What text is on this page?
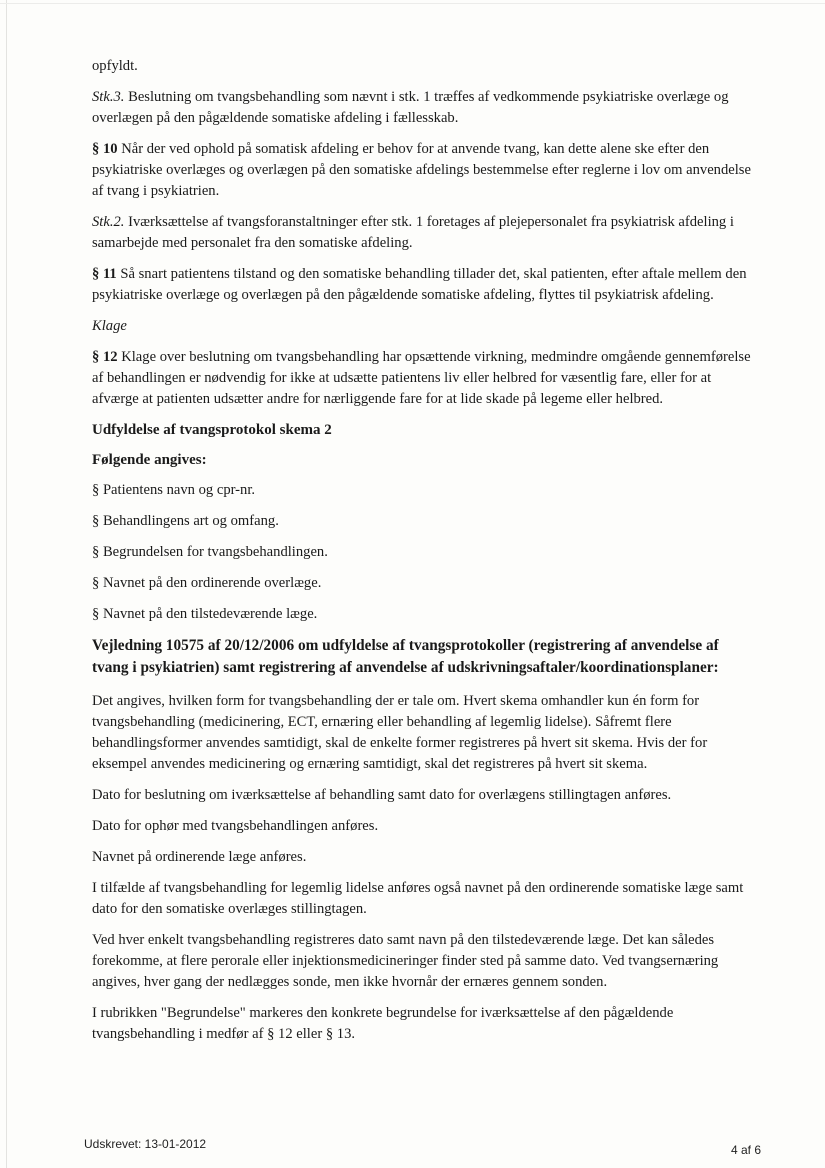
opfyldt.

Stk.3. Beslutning om tvangsbehandling som nævnt i stk. 1 træffes af vedkommende psykiatriske overlæge og overlægen på den pågældende somatiske afdeling i fællesskab.

§ 10 Når der ved ophold på somatisk afdeling er behov for at anvende tvang, kan dette alene ske efter den psykiatriske overlæges og overlægen på den somatiske afdelings bestemmelse efter reglerne i lov om anvendelse af tvang i psykiatrien.

Stk.2. Iværksættelse af tvangsforanstaltninger efter stk. 1 foretages af plejepersonalet fra psykiatrisk afdeling i samarbejde med personalet fra den somatiske afdeling.

§ 11 Så snart patientens tilstand og den somatiske behandling tillader det, skal patienten, efter aftale mellem den psykiatriske overlæge og overlægen på den pågældende somatiske afdeling, flyttes til psykiatrisk afdeling.

Klage

§ 12 Klage over beslutning om tvangsbehandling har opsættende virkning, medmindre omgående gennemførelse af behandlingen er nødvendig for ikke at udsætte patientens liv eller helbred for væsentlig fare, eller for at afværge at patienten udsætter andre for nærliggende fare for at lide skade på legeme eller helbred.

Udfyldelse af tvangsprotokol skema 2

Følgende angives:

§ Patientens navn og cpr-nr.

§ Behandlingens art og omfang.

§ Begrundelsen for tvangsbehandlingen.

§ Navnet på den ordinerende overlæge.

§ Navnet på den tilstedeværende læge.

Vejledning 10575 af 20/12/2006 om udfyldelse af tvangsprotokoller (registrering af anvendelse af tvang i psykiatrien) samt registrering af anvendelse af udskrivningsaftaler/koordinationsplaner:

Det angives, hvilken form for tvangsbehandling der er tale om. Hvert skema omhandler kun én form for tvangsbehandling (medicinering, ECT, ernæring eller behandling af legemlig lidelse). Såfremt flere behandlingsformer anvendes samtidigt, skal de enkelte former registreres på hvert sit skema. Hvis der for eksempel anvendes medicinering og ernæring samtidigt, skal det registreres på hvert sit skema.

Dato for beslutning om iværksættelse af behandling samt dato for overlægens stillingtagen anføres.

Dato for ophør med tvangsbehandlingen anføres.

Navnet på ordinerende læge anføres.

I tilfælde af tvangsbehandling for legemlig lidelse anføres også navnet på den ordinerende somatiske læge samt dato for den somatiske overlæges stillingtagen.

Ved hver enkelt tvangsbehandling registreres dato samt navn på den tilstedeværende læge. Det kan således forekomme, at flere perorale eller injektionsmedicineringer finder sted på samme dato. Ved tvangsernæring angives, hver gang der nedlægges sonde, men ikke hvornår der ernæres gennem sonden.

I rubrikken "Begrundelse" markeres den konkrete begrundelse for iværksættelse af den pågældende tvangsbehandling i medfør af § 12 eller § 13.

Udskrevet: 13-01-2012	4 af 6
